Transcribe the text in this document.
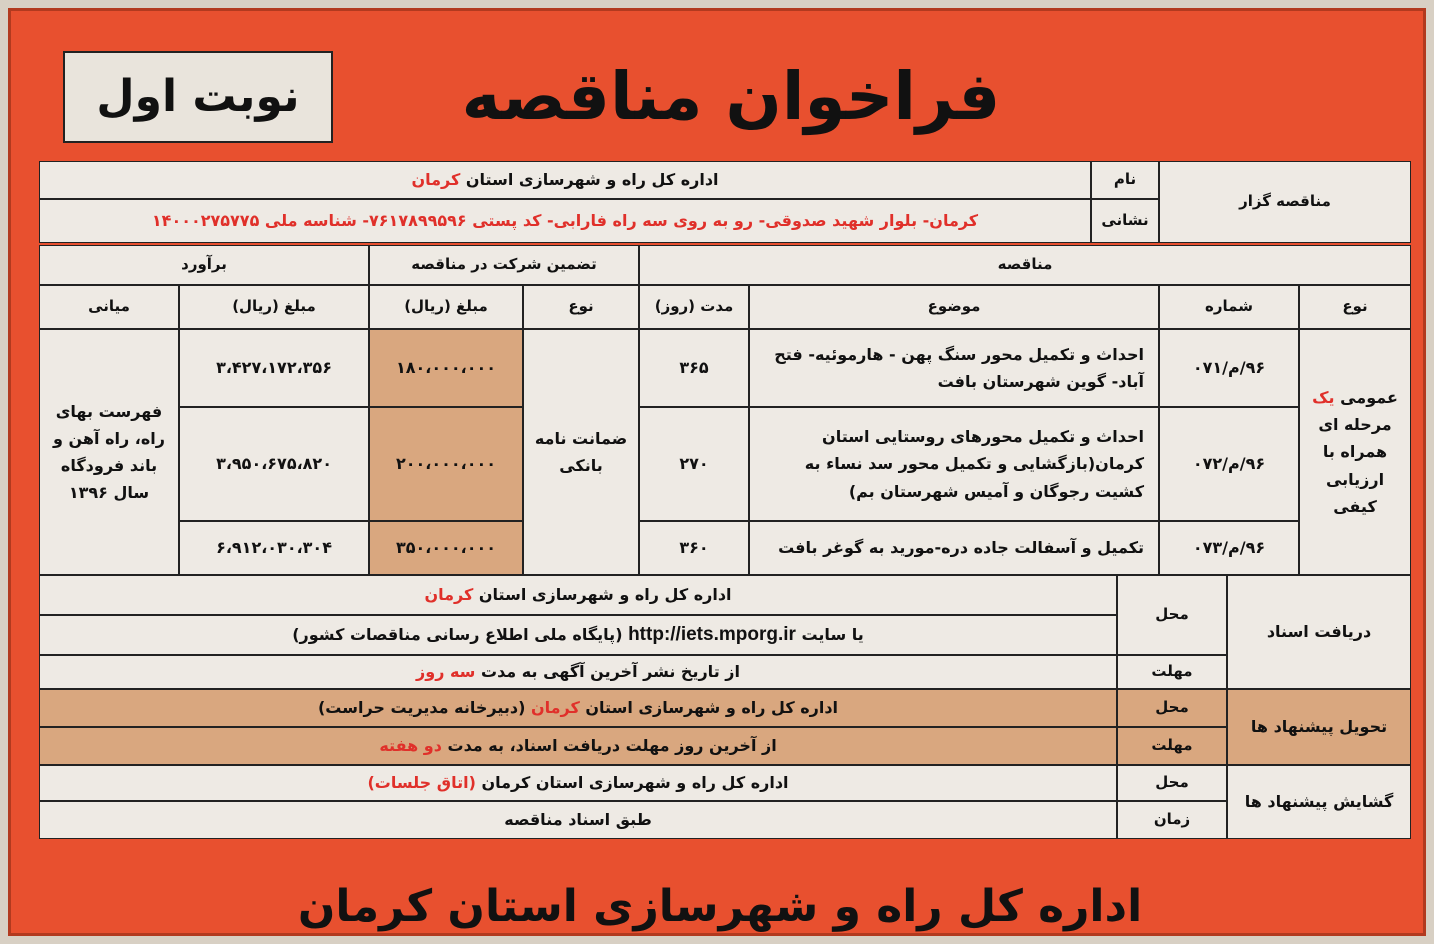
فراخوان مناقصه
نوبت اول
مناقصه گزار
نام
اداره کل راه و شهرسازی استان

کرمان
نشانی
کرمان- بلوار شهید صدوقی- رو به روی سه راه فارابی- کد پستی ۷۶۱۷۸۹۹۵۹۶- شناسه ملی ۱۴۰۰۰۲۷۵۷۷۵
مناقصه
تضمین شرکت در مناقصه
برآورد
نوع
شماره
موضوع
مدت (روز)
نوع
مبلغ (ریال)
مبلغ (ریال)
میانی
عمومی یک مرحله ای همراه با ارزیابی کیفی
ضمانت نامه بانکی
فهرست بهای راه، راه آهن و باند فرودگاه سال ۱۳۹۶
۹۶/م/۰۷۱
احداث و تکمیل محور سنگ پهن - هارموئیه- فتح آباد- گوین شهرستان بافت
۳۶۵
۱۸۰،۰۰۰،۰۰۰
۳،۴۲۷،۱۷۲،۳۵۶
۹۶/م/۰۷۲
احداث و تکمیل محورهای روستایی استان کرمان(بازگشایی و تکمیل محور سد نساء به کشیت رجوگان و آمیس شهرستان بم)
۲۷۰
۲۰۰،۰۰۰،۰۰۰
۳،۹۵۰،۶۷۵،۸۲۰
۹۶/م/۰۷۳
تکمیل و آسفالت جاده دره-مورید به گوغر بافت
۳۶۰
۳۵۰،۰۰۰،۰۰۰
۶،۹۱۲،۰۳۰،۳۰۴
دریافت اسناد
محل
اداره کل راه و شهرسازی استان

کرمان
یا سایت

http://iets.mporg.ir

(پایگاه ملی اطلاع رسانی مناقصات کشور)
مهلت
از تاریخ نشر آخرین آگهی به مدت

سه روز
تحویل پیشنهاد ها
محل
اداره کل راه و شهرسازی استان

کرمان

(دبیرخانه مدیریت حراست)
مهلت
از آخرین روز مهلت دریافت اسناد، به مدت

دو هفته
گشایش پیشنهاد ها
محل
اداره کل راه و شهرسازی استان کرمان

(اتاق جلسات)
زمان
طبق اسناد مناقصه
اداره کل راه و شهرسازی استان کرمان
